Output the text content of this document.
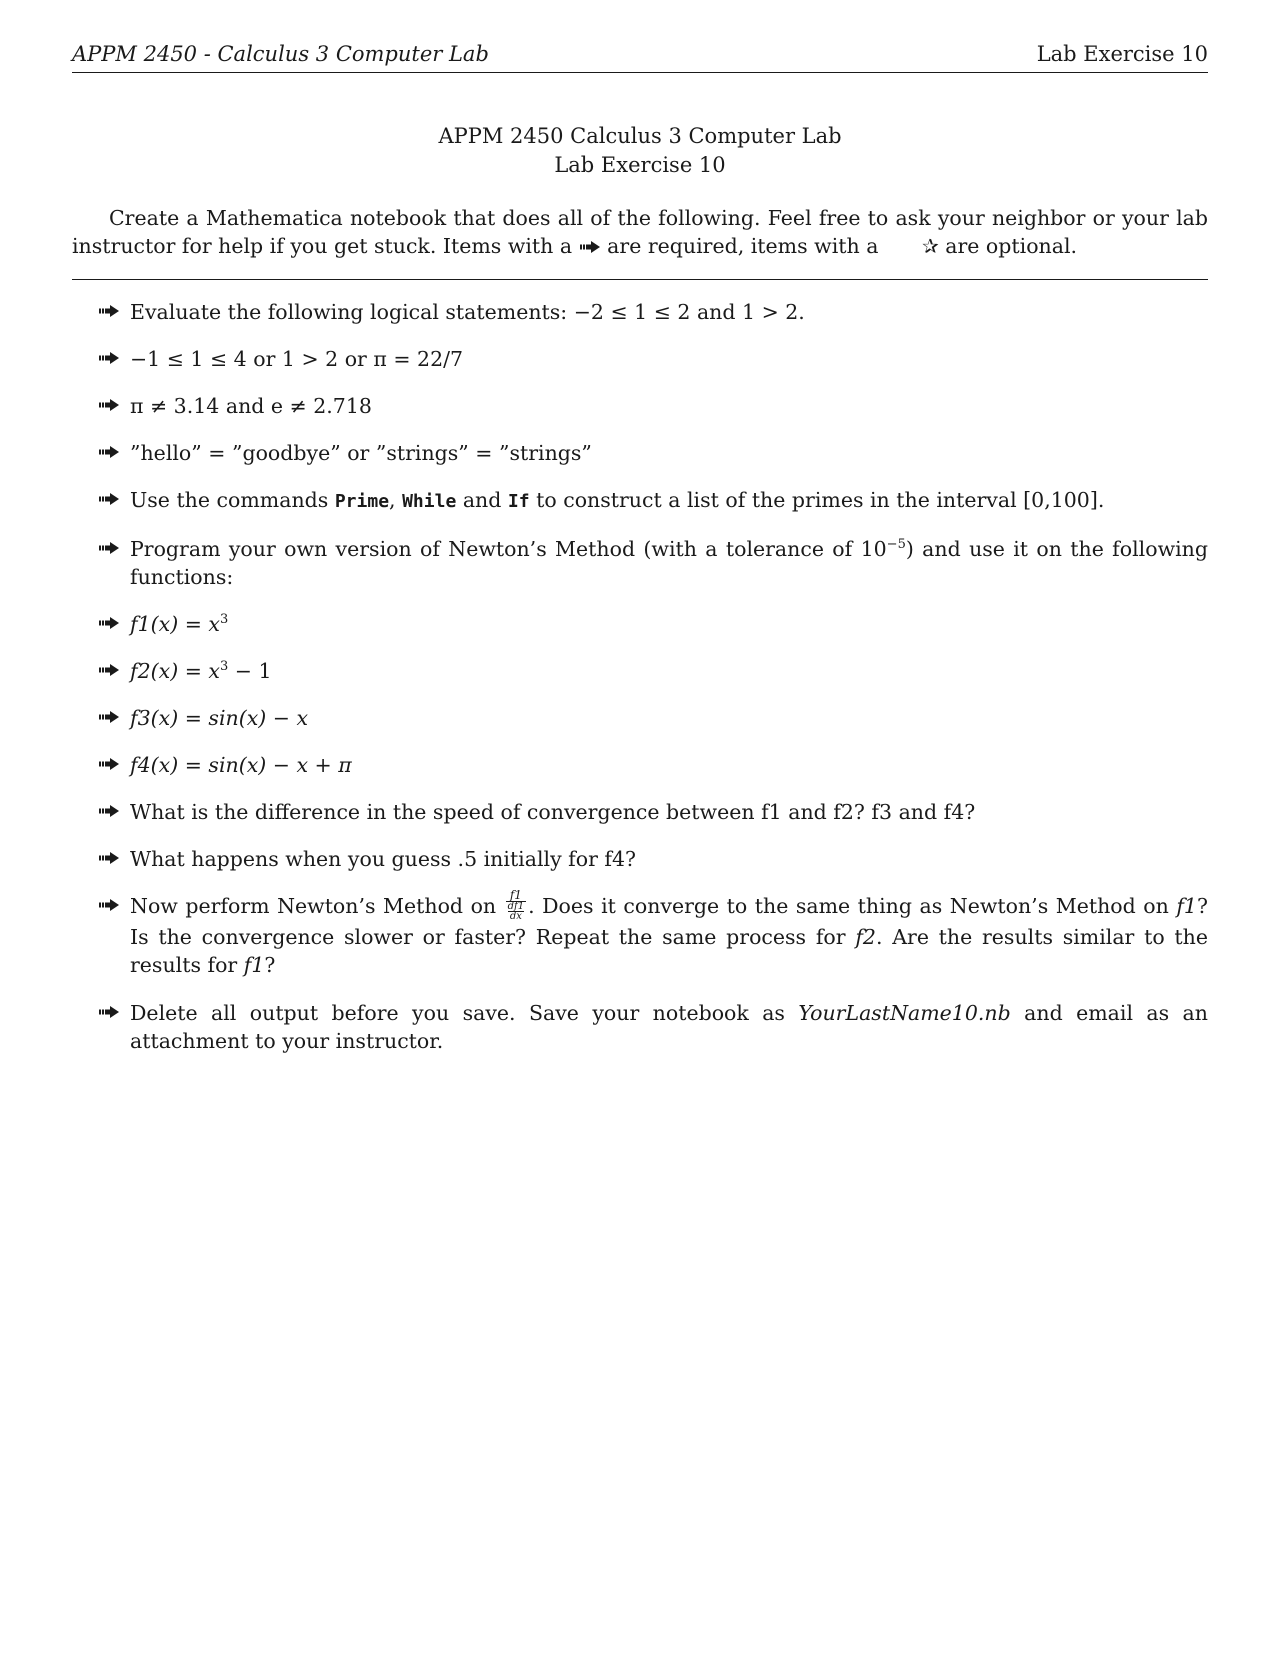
APPM 2450 - Calculus 3 Computer Lab	Lab Exercise 10
APPM 2450 Calculus 3 Computer Lab
Lab Exercise 10
Create a Mathematica notebook that does all of the following. Feel free to ask your neighbor or your lab instructor for help if you get stuck. Items with a are required, items with a ✰ are optional.
Evaluate the following logical statements: −2 ≤ 1 ≤ 2 and 1 > 2.
−1 ≤ 1 ≤ 4 or 1 > 2 or π = 22/7
π ≠ 3.14 and e ≠ 2.718
”hello” = ”goodbye” or ”strings” = ”strings”
Use the commands Prime, While and If to construct a list of the primes in the interval [0,100].
Program your own version of Newton’s Method (with a tolerance of $10^{-5}$) and use it on the following functions:
$f1(x) = x^3$
$f2(x) = x^3 - 1$
f3(x) = sin(x) − x
f4(x) = sin(x) − x + π
What is the difference in the speed of convergence between f1 and f2? f3 and f4?
What happens when you guess .5 initially for f4?
Now perform Newton’s Method on $\frac{f1}{\frac{df1}{dx}}$ . Does it converge to the same thing as Newton’s Method on f1? Is the convergence slower or faster? Repeat the same process for f2. Are the results similar to the results for f1?
Delete all output before you save. Save your notebook as YourLastName10.nb and email as an attachment to your instructor.
